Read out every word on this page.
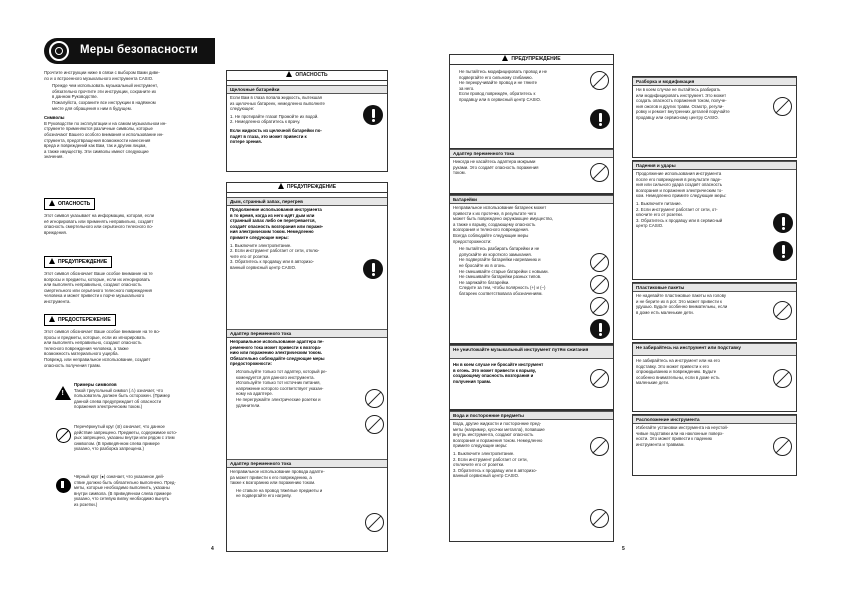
Меры безопасности
Прочтите инструкции ниже в связи с выбором Вами диве-
ло и о встроенного музыкального инструмента CASIO.
Прежде чем использовать музыкальный инструмент,
обязательно прочтите эти инструкции, сохраните их
в данном Руководстве.
Пожалуйста, сохраните все инструкции в надёжном
месте для обращения к ним в будущем.
Символы
В Руководстве по эксплуатации и на самом музыкальном ин-
струменте применяются различные символы, которые
обозначают Вашего особого внимания и использование ин-
струмента, предотвращения возможности нанесения
вреда и повреждений как Вам, так и другим лицам,
а также имуществу. Эти символы имеют следующие
значения.
ОПАСНОСТЬ
Этот символ указывает на информацию, которая, если
её игнорировать или применять неправильно, создаёт
опасность смертельного или серьёзного телесного по-
вреждения.
ПРЕДУПРЕЖДЕНИЕ
Этот символ обозначает Ваше особое внимание на те
вопросы и предметы, которые, если их игнорировать
или выполнять неправильно, создают опасность
смертельного или серьёзного телесного повреждения
человека и может привести к порче музыкального
инструмента.
ПРЕДОСТЕРЕЖЕНИЕ
Этот символ обозначает Ваше особое внимание на те во-
просы и предметы, которые, если их игнорировать
или выполнять неправильно, создают опасность
телесного повреждения человека, а также
возможность материального ущерба.
Поврежд. или неправильное использование, создаёт
опасность получения травм.
!
Примеры символов
Такой треугольный символ (⚠) означает, что
пользователь должен быть осторожен. (Пример
данной слева предупреждает об опасности
поражения электрическим током.)
Перечёркнутый круг (⊘) означает, что данное
действие запрещено. Предметы, содержимое кото-
рых запрещено, указаны внутри или рядом с этим
символом. (В приведённом слева примере
указано, что разборка запрещена.)
Чёрный круг (●) означает, что указанное дей-
ствие должно быть обязательно выполнено. Пред-
меты, которые необходимо выполнить, указаны
внутри символа. (В приведённом слева примере
указано, что сетевую вилку необходимо вынуть
из розетки.)
ОПАСНОСТЬ
Щелочные батарейки
Если Вам в глаза попала жидкость, вытекшая
из щелочных батареек, немедленно выполните
следующее:
1. Не протирайте глаза! Промойте их водой.
2. Немедленно обратитесь к врачу.
Если жидкость из щелочной батарейки по-
падёт в глаза, это может привести к
потере зрения.
ПРЕДУПРЕЖДЕНИЕ
Дым, странный запах, перегрев
Продолжение использования инструмента
в то время, когда из него идёт дым или
странный запах либо он перегревается,
создаёт опасность возгорания или пораже-
ния электрическим током. Немедленно
примите следующие меры:
1. Выключите электропитание.
2. Если инструмент работает от сети, отклю-
чите его от розетки.
3. Обратитесь к продавцу или в авторизо-
ванный сервисный центр CASIO.
Адаптер переменного тока
Неправильное использование адаптера пе-
ременного тока может привести к возгора-
нию или поражению электрическим током.
Обязательно соблюдайте следующие меры
предосторожности:
Используйте только тот адаптер, который ре-
комендуется для данного инструмента.
Используйте только тот источник питания,
напряжение которого соответствует указан-
ному на адаптере.
Не перегружайте электрические розетки и
удлинители.
Адаптер переменного тока
Неправильное использование провода адапте-
ра может привести к его повреждению, а
также к возгоранию или поражению током.
Не ставьте на провод тяжёлые предметы и
не подвергайте его нагреву.
4
ПРЕДУПРЕЖДЕНИЕ
Не пытайтесь модифицировать провод и не
подвергайте его сильному сгибанию.
Не перекручивайте провод и не тяните
за него.
Если провод повреждён, обратитесь к
продавцу или в сервисный центр CASIO.
Адаптер переменного тока
Никогда не касайтесь адаптера мокрыми
руками. Это создаёт опасность поражения
током.
Батарейки
Неправильное использование батареек может
привести к их протечке, в результате чего
может быть повреждено окружающее имущество,
а также к взрыву, создающему опасность
возгорания и телесного повреждения.
Всегда соблюдайте следующие меры
предосторожности:
Не пытайтесь разбирать батарейки и не
допускайте их короткого замыкания.
Не подвергайте батарейки нагреванию и
не бросайте их в огонь.
Не смешивайте старые батарейки с новыми.
Не смешивайте батарейки разных типов.
Не заряжайте батарейки.
Следите за тем, чтобы полярность (+) и (–)
батареек соответствовала обозначениям.
Не уничтожайте музыкальный инструмент путём сжигания
Ни в коем случае не бросайте инструмент
в огонь. Это может привести к взрыву,
создающему опасность возгорания и
получения травм.
Вода и посторонние предметы
Вода, другие жидкости и посторонние пред-
меты (например, кусочки металла), попавшие
внутрь инструмента, создают опасность
возгорания и поражения током. Немедленно
примите следующие меры:
1. Выключите электропитание.
2. Если инструмент работает от сети,
отключите его от розетки.
3. Обратитесь к продавцу или в авторизо-
ванный сервисный центр CASIO.
5
Разборка и модификация
Ни в коем случае не пытайтесь разбирать
или модифицировать инструмент. Это может
создать опасность поражения током, получе-
ния ожогов и других травм. Осмотр, регули-
ровку и ремонт внутренних деталей поручайте
продавцу или сервисному центру CASIO.
Падения и удары
Продолжение использования инструмента
после его повреждения в результате паде-
ния или сильного удара создаёт опасность
возгорания и поражения электрическим то-
ком. Немедленно примите следующие меры:
1. Выключите питание.
2. Если инструмент работает от сети, от-
ключите его от розетки.
3. Обратитесь к продавцу или в сервисный
центр CASIO.
Пластиковые пакеты
Не надевайте пластиковые пакеты на голову
и не берите их в рот. Это может привести к
удушью. Будьте особенно внимательны, если
в доме есть маленькие дети.
Не забирайтесь на инструмент или подставку
Не забирайтесь на инструмент или на его
подставку. Это может привести к его
опрокидыванию и повреждению. Будьте
особенно внимательны, если в доме есть
маленькие дети.
Расположение инструмента
Избегайте установки инструмента на неустой-
чивые подставки или на наклонные поверх-
ности. Это может привести к падению
инструмента и травмам.
